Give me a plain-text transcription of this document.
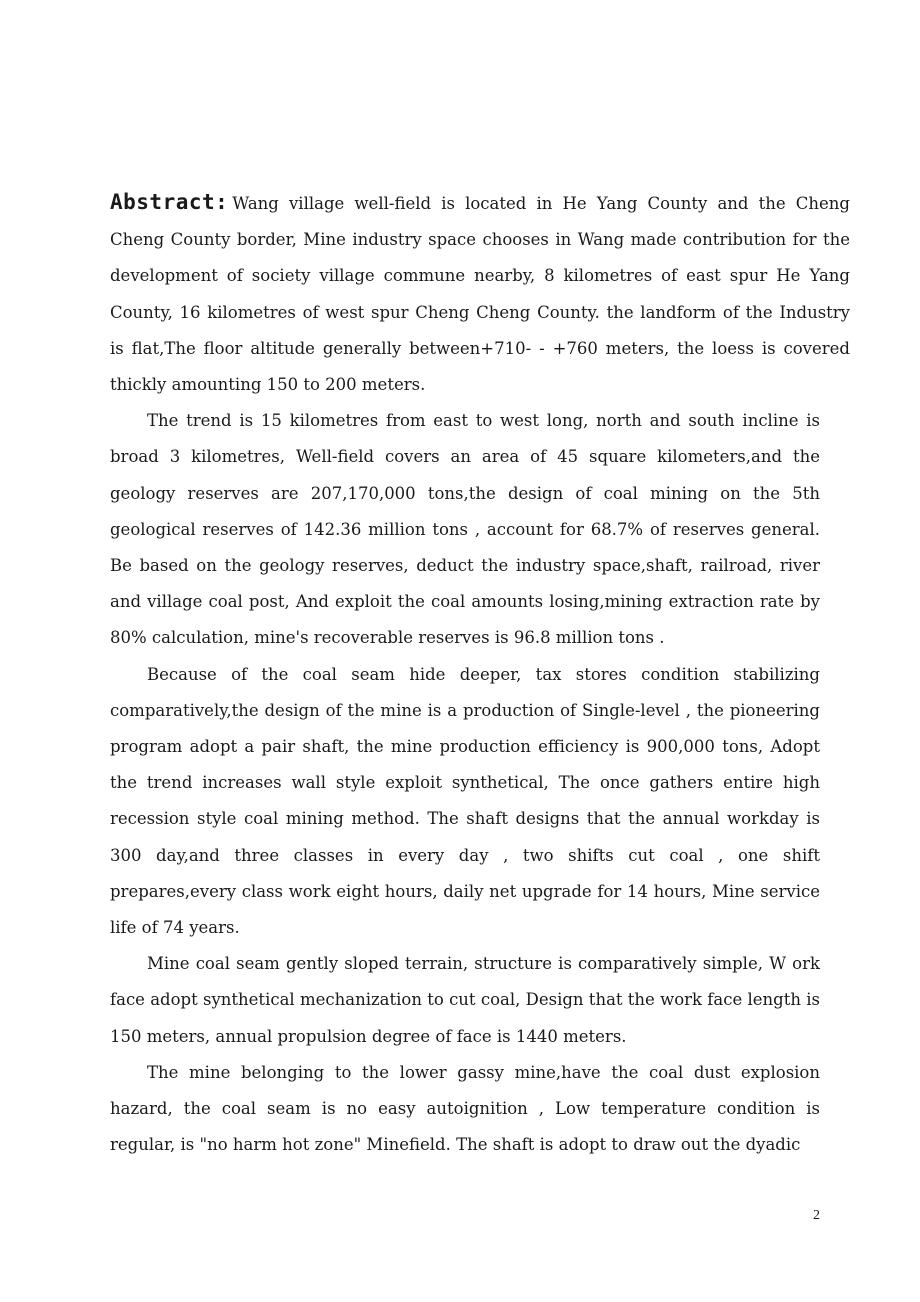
Abstract: Wang village well-field is located in He Yang County and the Cheng Cheng County border, Mine industry space chooses in Wang made contribution for the development of society village commune nearby, 8 kilometres of east spur He Yang County, 16 kilometres of west spur Cheng Cheng County. the landform of the Industry is flat,The floor altitude generally between+710- - +760 meters, the loess is covered thickly amounting 150 to 200 meters.

The trend is 15 kilometres from east to west long, north and south incline is broad 3 kilometres, Well-field covers an area of 45 square kilometers,and the geology reserves are 207,170,000 tons,the design of coal mining on the 5th geological reserves of 142.36 million tons , account for 68.7% of reserves general. Be based on the geology reserves, deduct the industry space,shaft, railroad, river and village coal post, And exploit the coal amounts losing,mining extraction rate by 80% calculation, mine's recoverable reserves is 96.8 million tons .

Because of the coal seam hide deeper, tax stores condition stabilizing comparatively,the design of the mine is a production of Single-level , the pioneering program adopt a pair shaft, the mine production efficiency is 900,000 tons, Adopt the trend increases wall style exploit synthetical, The once gathers entire high recession style coal mining method. The shaft designs that the annual workday is 300 day,and three classes in every day , two shifts cut coal , one shift prepares,every class work eight hours, daily net upgrade for 14 hours, Mine service life of 74 years.

Mine coal seam gently sloped terrain, structure is comparatively simple, W ork face adopt synthetical mechanization to cut coal, Design that the work face length is 150 meters, annual propulsion degree of face is 1440 meters.

The mine belonging to the lower gassy mine,have the coal dust explosion hazard, the coal seam is no easy autoignition , Low temperature condition is regular, is "no harm hot zone" Minefield. The shaft is adopt to draw out the dyadic

2
